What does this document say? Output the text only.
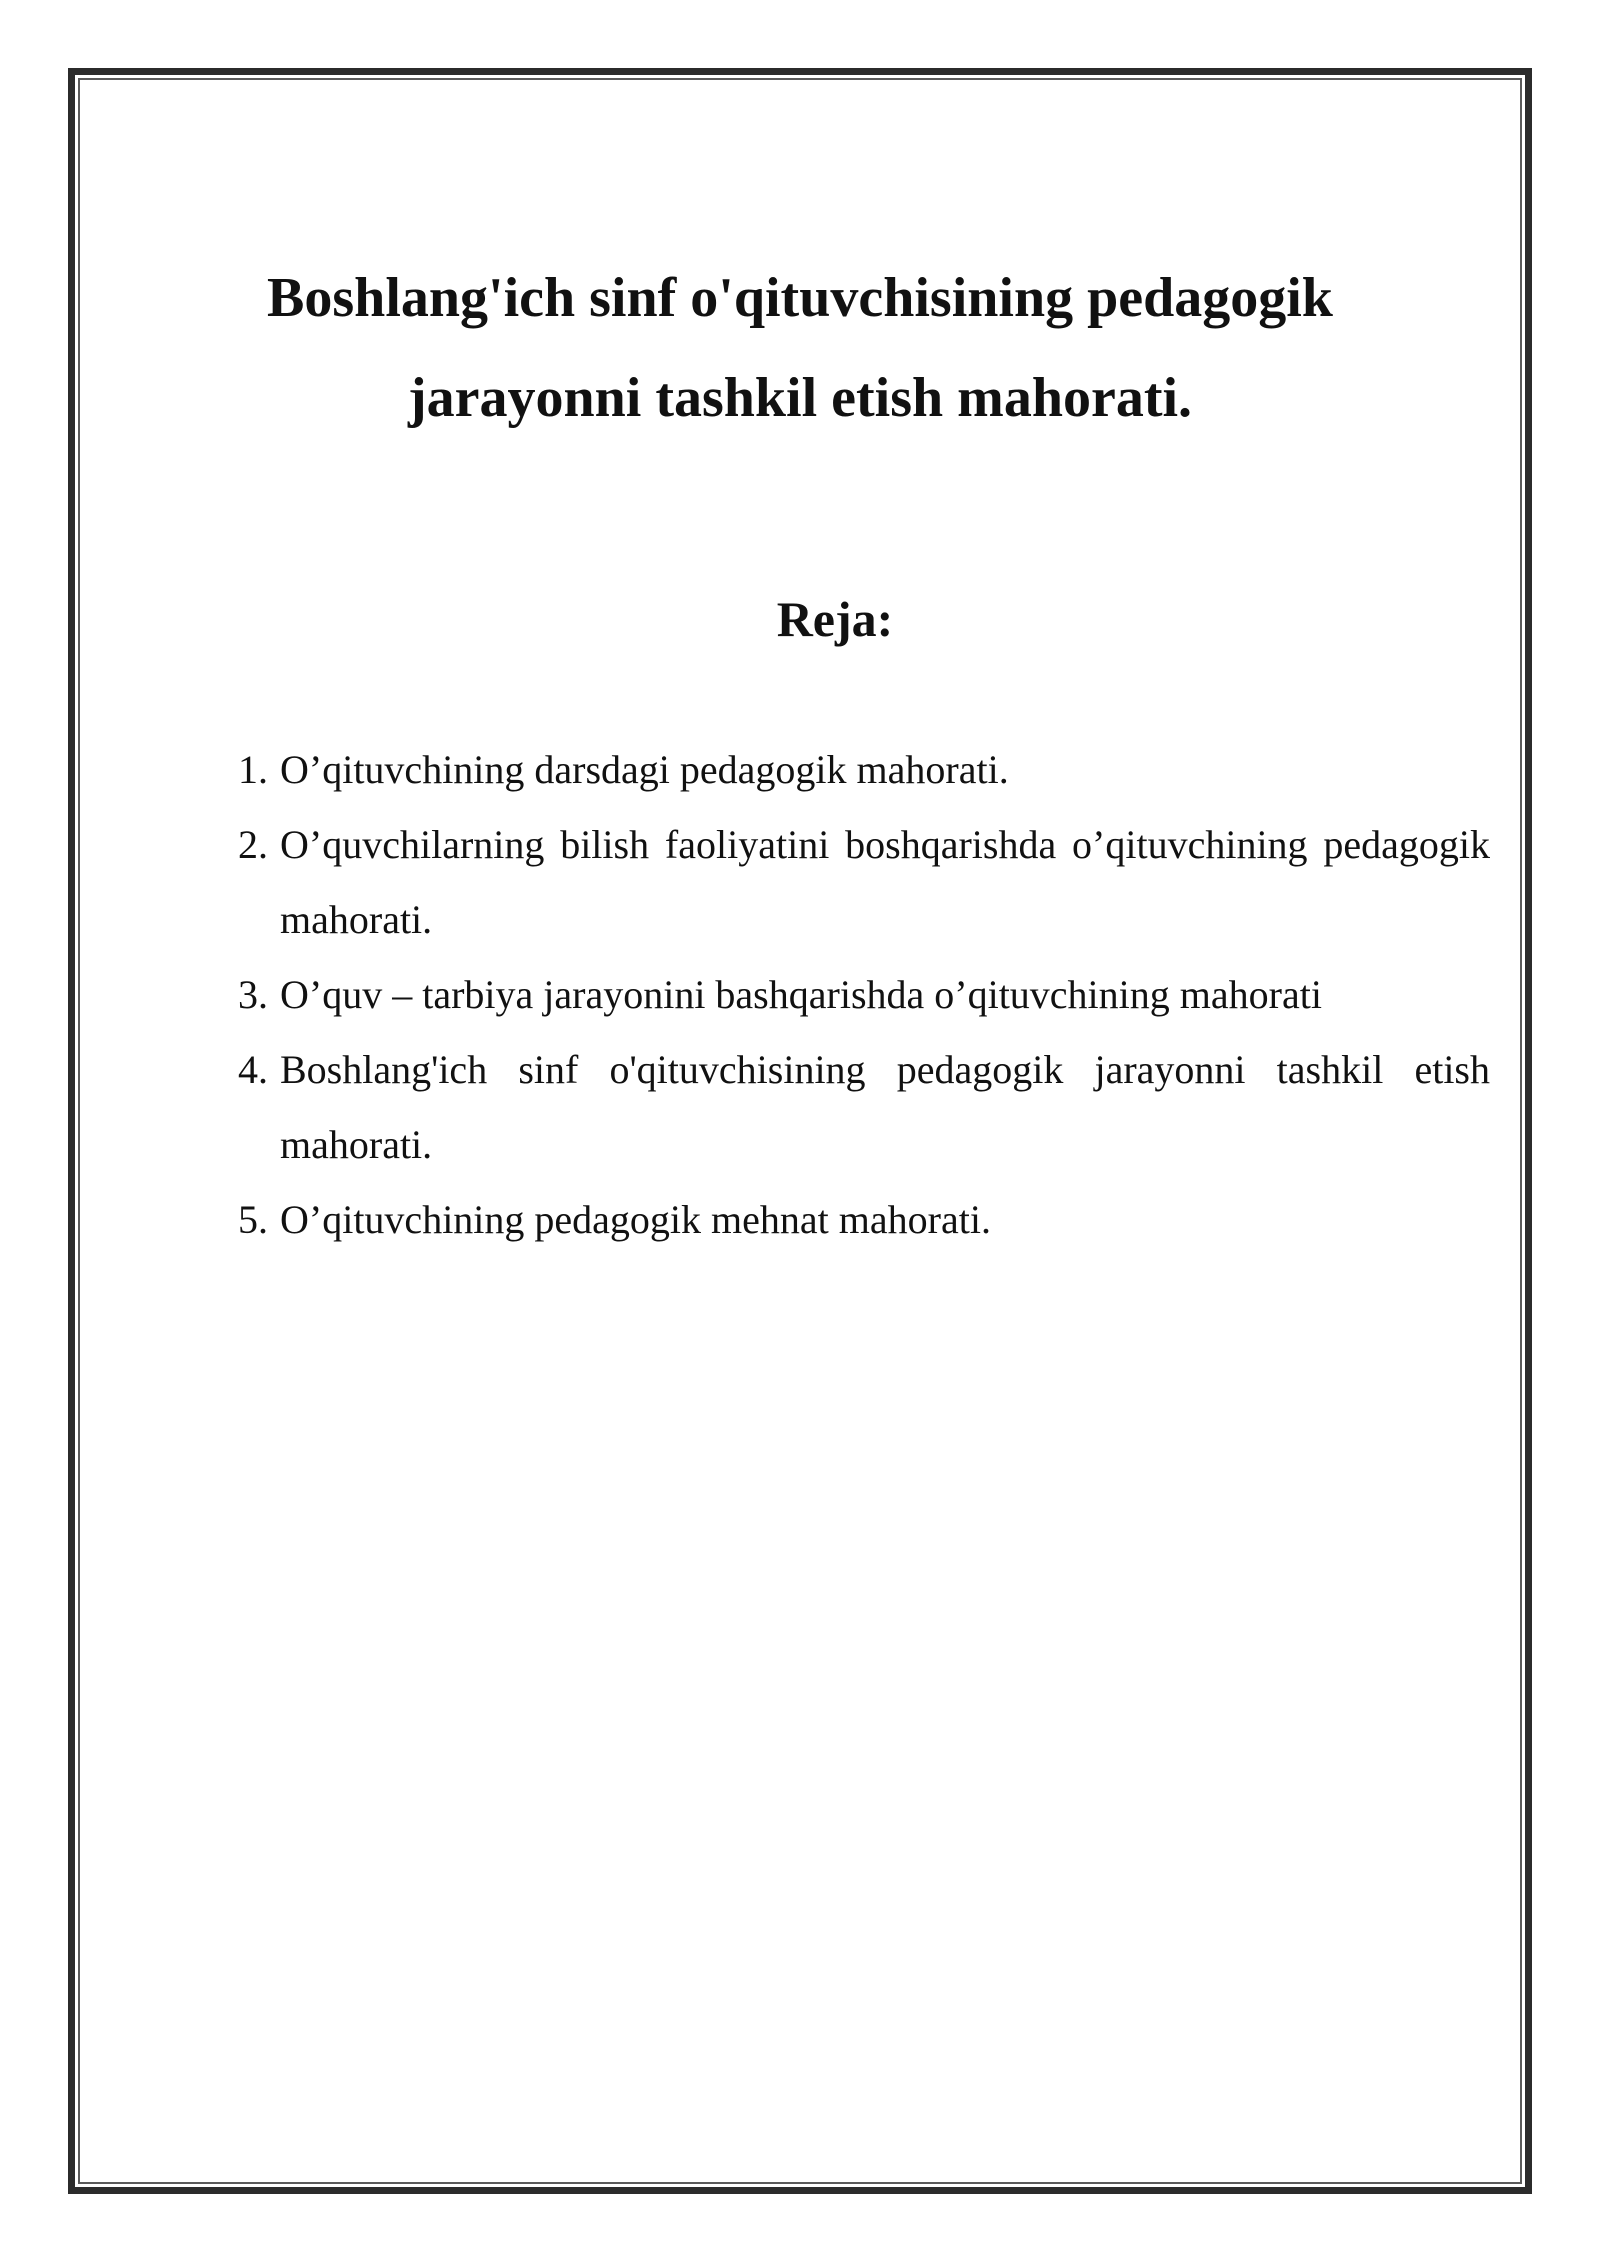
Boshlang'ich sinf o'qituvchisining pedagogik
jarayonni tashkil etish mahorati.
Reja:
1. O’qituvchining darsdagi pedagogik mahorati.
2. O’quvchilarning bilish faoliyatini boshqarishda o’qituvchining pedagogik mahorati.
3. O’quv – tarbiya jarayonini bashqarishda o’qituvchining mahorati
4. Boshlang'ich sinf o'qituvchisining pedagogik jarayonni tashkil etish mahorati.
5. O’qituvchining pedagogik mehnat mahorati.
